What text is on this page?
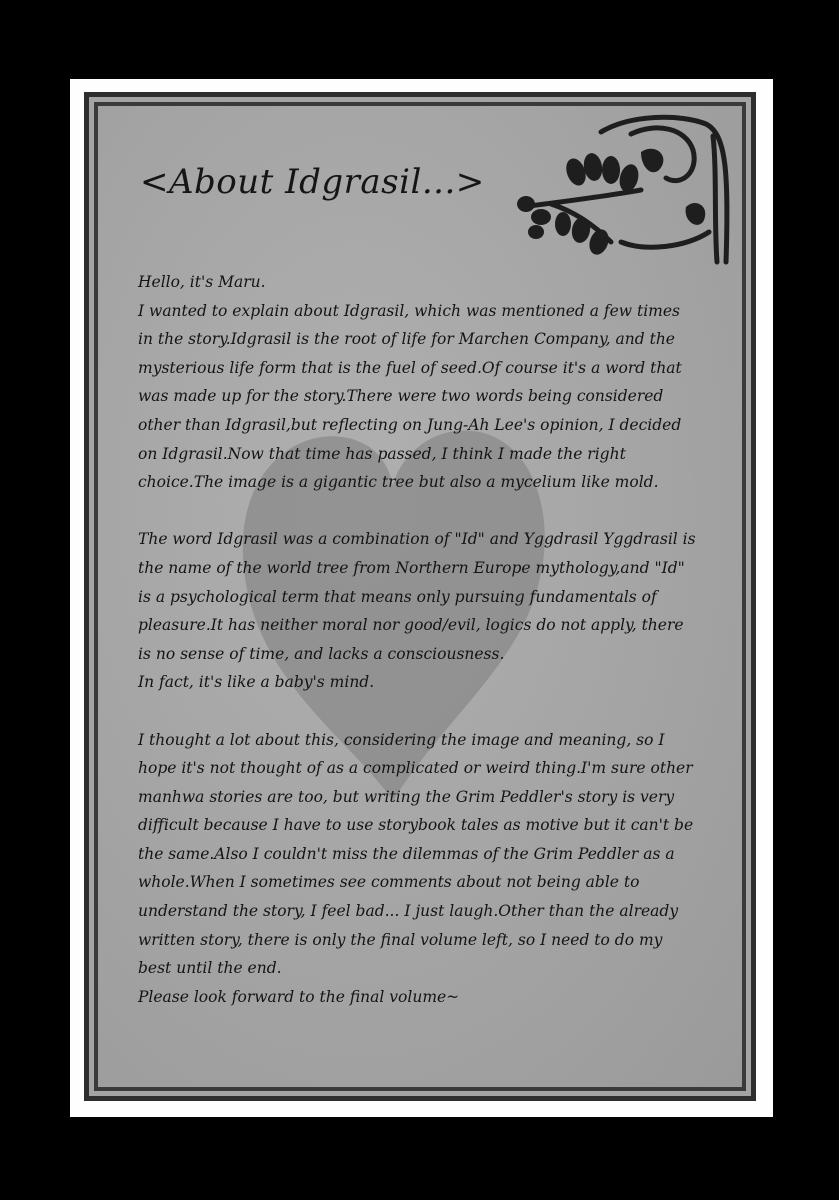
<About Idgrasil...>

Hello, it's Maru.
I wanted to explain about Idgrasil, which was mentioned a few times in the story.Idgrasil is the root of life for Marchen Company, and the mysterious life form that is the fuel of seed.Of course it's a word that was made up for the story.There were two words being considered other than Idgrasil,but reflecting on Jung-Ah Lee's opinion, I decided on Idgrasil.Now that time has passed, I think I made the right choice.The image is a gigantic tree but also a mycelium like mold.

The word Idgrasil was a combination of "Id" and Yggdrasil Yggdrasil is the name of the world tree from Northern Europe mythology,and "Id" is a psychological term that means only pursuing fundamentals of pleasure.It has neither moral nor good/evil, logics do not apply, there is no sense of time, and lacks a consciousness.
In fact, it's like a baby's mind.

I thought a lot about this, considering the image and meaning, so I hope it's not thought of as a complicated or weird thing.I'm sure other manhwa stories are too, but writing the Grim Peddler's story is very difficult because I have to use storybook tales as motive but it can't be the same.Also I couldn't miss the dilemmas of the Grim Peddler as a whole.When I sometimes see comments about not being able to understand the story, I feel bad... I just laugh.Other than the already written story, there is only the final volume left, so I need to do my best until the end.
Please look forward to the final volume~
